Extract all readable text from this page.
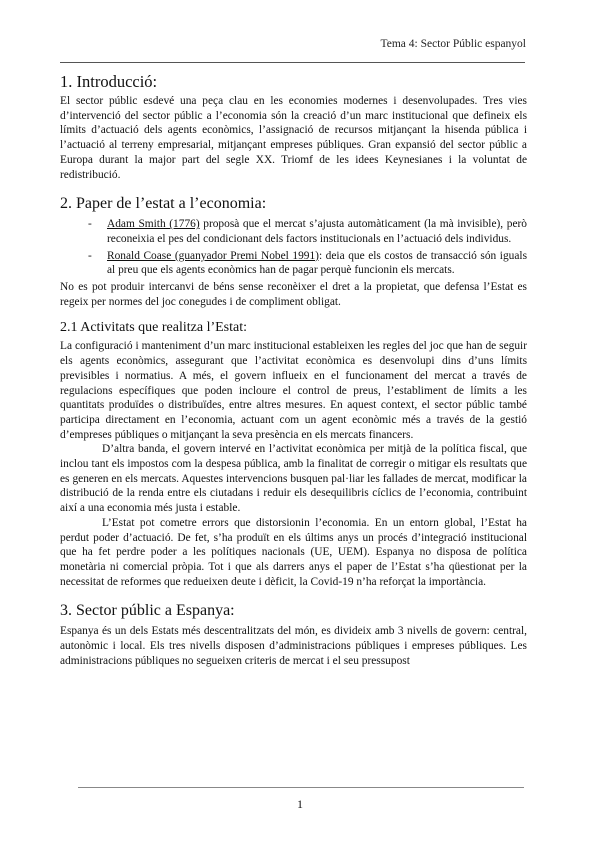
Tema 4: Sector Públic espanyol
1. Introducció:

El sector públic esdevé una peça clau en les economies modernes i desenvolupades. Tres vies d’intervenció del sector públic a l’economia són la creació d’un marc institucional que defineix els límits d’actuació dels agents econòmics, l’assignació de recursos mitjançant la hisenda pública i l’actuació al terreny empresarial, mitjançant empreses públiques. Gran expansió del sector públic a Europa durant la major part del segle XX. Triomf de les idees Keynesianes i la voluntat de redistribució.

2. Paper de l’estat a l’economia:
- Adam Smith (1776) proposà que el mercat s’ajusta automàticament (la mà invisible), però reconeixia el pes del condicionant dels factors institucionals en l’actuació dels individus.
- Ronald Coase (guanyador Premi Nobel 1991): deia que els costos de transacció són iguals al preu que els agents econòmics han de pagar perquè funcionin els mercats.

No es pot produir intercanvi de béns sense reconèixer el dret a la propietat, que defensa l’Estat es regeix per normes del joc conegudes i de compliment obligat.

2.1 Activitats que realitza l’Estat:

La configuració i manteniment d’un marc institucional estableixen les regles del joc que han de seguir els agents econòmics, assegurant que l’activitat econòmica es desenvolupi dins d’uns límits previsibles i normatius. A més, el govern influeix en el funcionament del mercat a través de regulacions específiques que poden incloure el control de preus, l’establiment de límits a les quantitats produïdes o distribuïdes, entre altres mesures. En aquest context, el sector públic també participa directament en l’economia, actuant com un agent econòmic més a través de la gestió d’empreses públiques o mitjançant la seva presència en els mercats financers.

D’altra banda, el govern intervé en l’activitat econòmica per mitjà de la política fiscal, que inclou tant els impostos com la despesa pública, amb la finalitat de corregir o mitigar els resultats que es generen en els mercats. Aquestes intervencions busquen pal·liar les fallades de mercat, modificar la distribució de la renda entre els ciutadans i reduir els desequilibris cíclics de l’economia, contribuint així a una economia més justa i estable.

L’Estat pot cometre errors que distorsionin l’economia. En un entorn global, l’Estat ha perdut poder d’actuació. De fet, s’ha produït en els últims anys un procés d’integració institucional que ha fet perdre poder a les polítiques nacionals (UE, UEM). Espanya no disposa de política monetària ni comercial pròpia. Tot i que als darrers anys el paper de l’Estat s’ha qüestionat per la necessitat de reformes que redueixen deute i dèficit, la Covid-19 n’ha reforçat la importància.

3. Sector públic a Espanya:

Espanya és un dels Estats més descentralitzats del món, es divideix amb 3 nivells de govern: central, autonòmic i local. Els tres nivells disposen d’administracions públiques i empreses públiques. Les administracions públiques no segueixen criteris de mercat i el seu pressupost

1
